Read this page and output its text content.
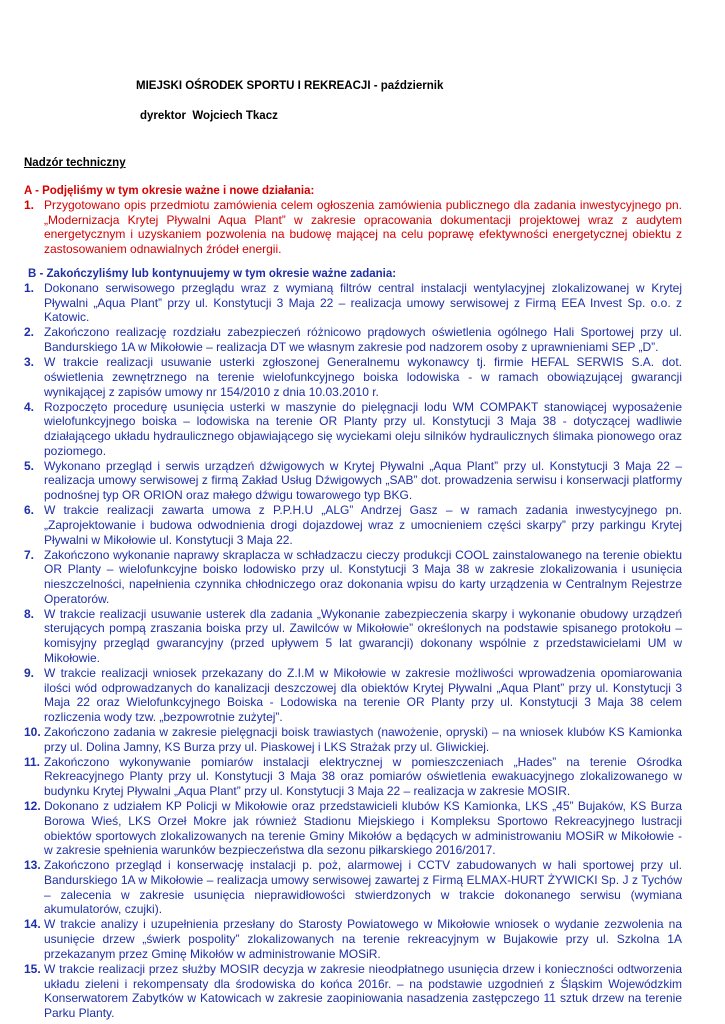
MIEJSKI OŚRODEK SPORTU I REKREACJI - październik
dyrektor  Wojciech Tkacz
Nadzór techniczny
A - Podjęliśmy w tym okresie ważne i nowe działania:
1. Przygotowano opis przedmiotu zamówienia celem ogłoszenia zamówienia publicznego dla zadania inwestycyjnego pn. „Modernizacja Krytej Pływalni Aqua Plant” w zakresie opracowania dokumentacji projektowej wraz z audytem energetycznym i uzyskaniem pozwolenia na budowę mającej na celu poprawę efektywności energetycznej obiektu z zastosowaniem odnawialnych źródeł energii.
B - Zakończyliśmy lub kontynuujemy w tym okresie ważne zadania:
1. Dokonano serwisowego przeglądu wraz z wymianą filtrów central instalacji wentylacyjnej zlokalizowanej w Krytej Pływalni „Aqua Plant” przy ul. Konstytucji 3 Maja 22 – realizacja umowy serwisowej z Firmą EEA Invest Sp. o.o. z Katowic.
2. Zakończono realizację rozdziału zabezpieczeń różnicowo prądowych oświetlenia ogólnego Hali Sportowej przy ul. Bandurskiego 1A w Mikołowie – realizacja DT we własnym zakresie pod nadzorem osoby z uprawnieniami SEP „D”.
3. W trakcie realizacji usuwanie usterki zgłoszonej Generalnemu wykonawcy tj. firmie HEFAL SERWIS S.A. dot. oświetlenia zewnętrznego na terenie wielofunkcyjnego boiska lodowiska - w ramach obowiązującej gwarancji wynikającej z zapisów umowy nr 154/2010 z dnia 10.03.2010 r.
4. Rozpoczęto procedurę usunięcia usterki w maszynie do pielęgnacji lodu WM COMPAKT stanowiącej wyposażenie wielofunkcyjnego boiska – lodowiska na terenie OR Planty przy ul. Konstytucji 3 Maja 38 - dotyczącej wadliwie działającego układu hydraulicznego objawiającego się wyciekami oleju silników hydraulicznych ślimaka pionowego oraz poziomego.
5. Wykonano przegląd i serwis urządzeń dźwigowych w Krytej Pływalni „Aqua Plant” przy ul. Konstytucji 3 Maja 22 – realizacja umowy serwisowej z firmą Zakład Usług Dźwigowych „SAB” dot. prowadzenia serwisu i konserwacji platformy podnośnej typ OR ORION oraz małego dźwigu towarowego typ BKG.
6. W trakcie realizacji zawarta umowa z P.P.H.U „ALG” Andrzej Gasz – w ramach zadania inwestycyjnego pn. „Zaprojektowanie i budowa odwodnienia drogi dojazdowej wraz z umocnieniem części skarpy” przy parkingu Krytej Pływalni w Mikołowie ul. Konstytucji 3 Maja 22.
7. Zakończono wykonanie naprawy skraplacza w schładzaczu cieczy produkcji COOL zainstalowanego na terenie obiektu OR Planty – wielofunkcyjne boisko lodowisko przy ul. Konstytucji 3 Maja 38 w zakresie zlokalizowania i usunięcia nieszczelności, napełnienia czynnika chłodniczego oraz dokonania wpisu do karty urządzenia w Centralnym Rejestrze Operatorów.
8. W trakcie realizacji usuwanie usterek dla zadania „Wykonanie zabezpieczenia skarpy i wykonanie obudowy urządzeń sterujących pompą zraszania boiska przy ul. Zawilców w Mikołowie” określonych na podstawie spisanego protokołu – komisyjny przegląd gwarancyjny (przed upływem 5 lat gwarancji) dokonany wspólnie z przedstawicielami UM w Mikołowie.
9. W trakcie realizacji wniosek przekazany do Z.I.M w Mikołowie w zakresie możliwości wprowadzenia opomiarowania ilości wód odprowadzanych do kanalizacji deszczowej dla obiektów Krytej Pływalni „Aqua Plant” przy ul. Konstytucji 3 Maja 22 oraz Wielofunkcyjnego Boiska - Lodowiska na terenie OR Planty przy ul. Konstytucji 3 Maja 38 celem rozliczenia wody tzw. „bezpowrotnie zużytej”.
10. Zakończono zadania w zakresie pielęgnacji boisk trawiastych (nawożenie, opryski) – na wniosek klubów KS Kamionka przy ul. Dolina Jamny, KS Burza przy ul. Piaskowej i LKS Strażak przy ul. Gliwickiej.
11. Zakończono wykonywanie pomiarów instalacji elektrycznej w pomieszczeniach „Hades” na terenie Ośrodka Rekreacyjnego Planty przy ul. Konstytucji 3 Maja 38 oraz pomiarów oświetlenia ewakuacyjnego zlokalizowanego w budynku Krytej Pływalni „Aqua Plant” przy ul. Konstytucji 3 Maja 22 – realizacja w zakresie MOSIR.
12. Dokonano z udziałem KP Policji w Mikołowie oraz przedstawicieli klubów KS Kamionka, LKS „45” Bujaków, KS Burza Borowa Wieś, LKS Orzeł Mokre jak również Stadionu Miejskiego i Kompleksu Sportowo Rekreacyjnego lustracji obiektów sportowych zlokalizowanych na terenie Gminy Mikołów a będących w administrowaniu MOSiR w Mikołowie - w zakresie spełnienia warunków bezpieczeństwa dla sezonu piłkarskiego 2016/2017.
13. Zakończono przegląd i konserwację instalacji p. poż, alarmowej i CCTV zabudowanych w hali sportowej przy ul. Bandurskiego 1A w Mikołowie – realizacja umowy serwisowej zawartej z Firmą ELMAX-HURT ŻYWICKI Sp. J z Tychów – zalecenia w zakresie usunięcia nieprawidłowości stwierdzonych w trakcie dokonanego serwisu (wymiana akumulatorów, czujki).
14. W trakcie analizy i uzupełnienia przesłany do Starosty Powiatowego w Mikołowie wniosek o wydanie zezwolenia na usunięcie drzew „świerk pospolity” zlokalizowanych na terenie rekreacyjnym w Bujakowie przy ul. Szkolna 1A przekazanym przez Gminę Mikołów w administrowanie MOSiR.
15. W trakcie realizacji przez służby MOSIR decyzja w zakresie nieodpłatnego usunięcia drzew i konieczności odtworzenia układu zieleni i rekompensaty dla środowiska do końca 2016r. – na podstawie uzgodnień z Śląskim Wojewódzkim Konserwatorem Zabytków w Katowicach w zakresie zaopiniowania nasadzenia zastępczego 11 sztuk drzew na terenie Parku Planty.
